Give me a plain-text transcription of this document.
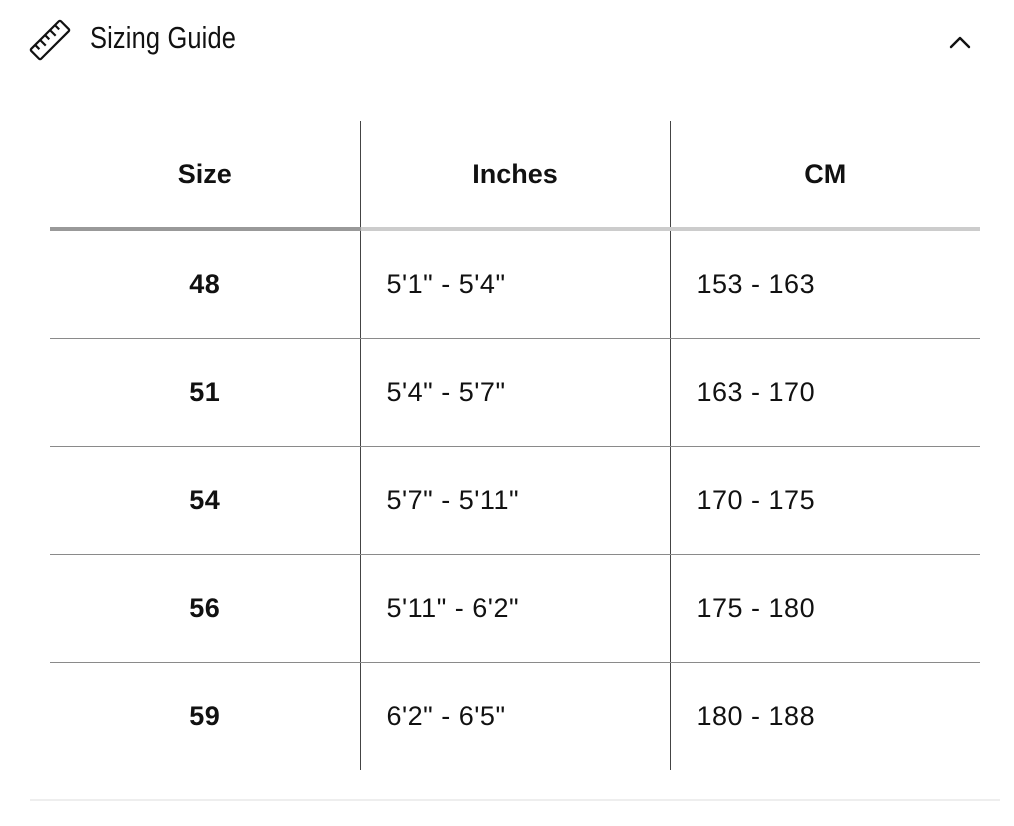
Sizing Guide
Size	Inches	CM
48	5'1" - 5'4"	153 - 163
51	5'4" - 5'7"	163 - 170
54	5'7" - 5'11"	170 - 175
56	5'11" - 6'2"	175 - 180
59	6'2" - 6'5"	180 - 188
